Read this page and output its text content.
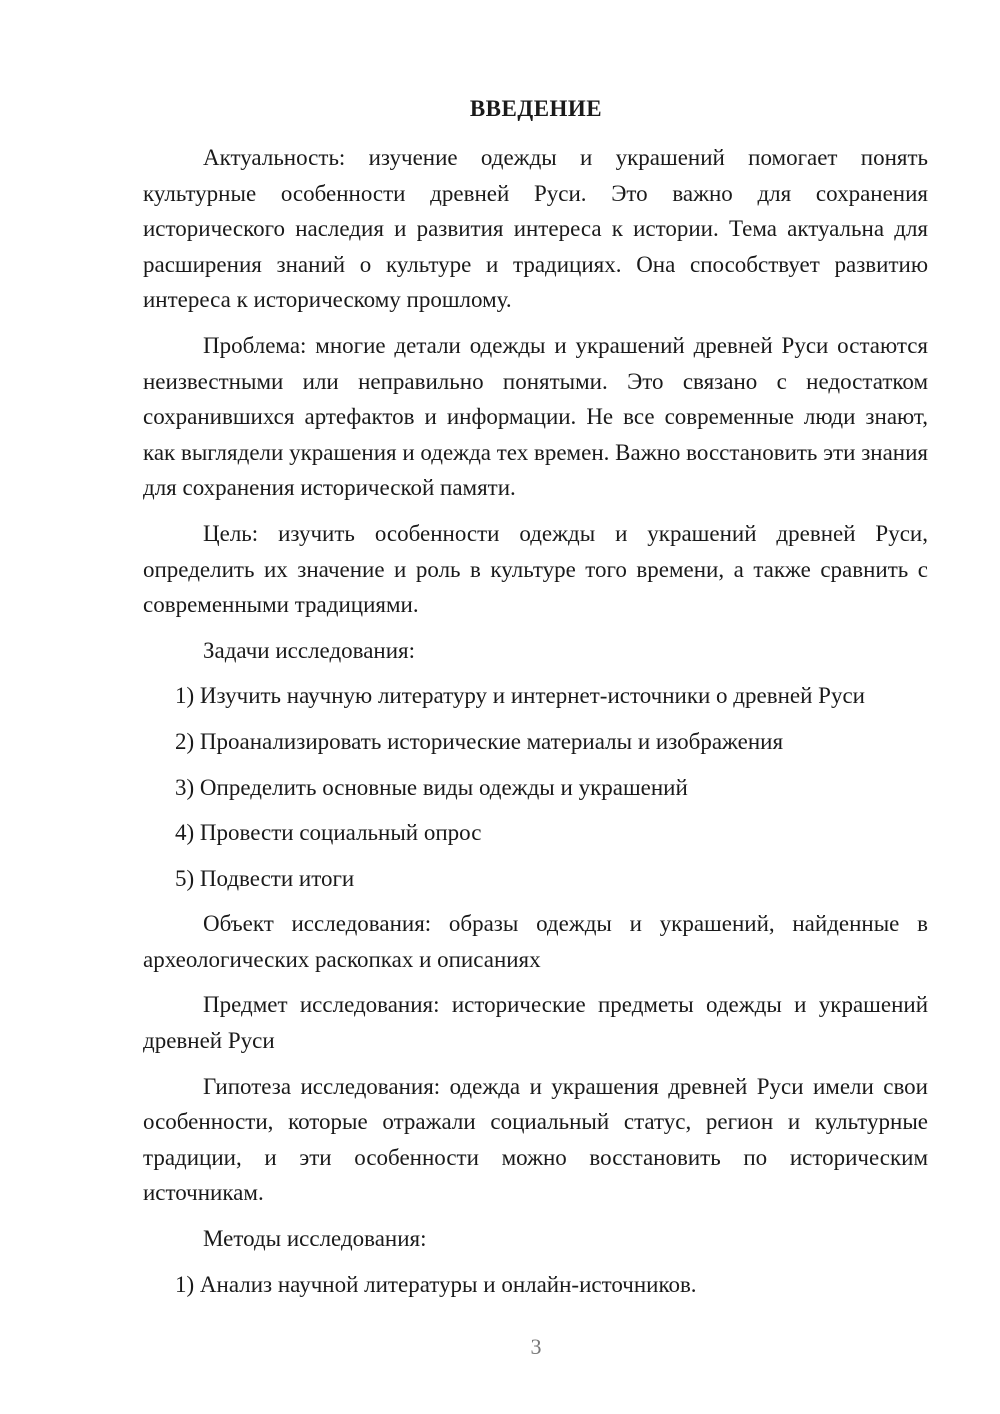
ВВЕДЕНИЕ

Актуальность: изучение одежды и украшений помогает понять культурные особенности древней Руси. Это важно для сохранения исторического наследия и развития интереса к истории. Тема актуальна для расширения знаний о культуре и традициях. Она способствует развитию интереса к историческому прошлому.

Проблема: многие детали одежды и украшений древней Руси остаются неизвестными или неправильно понятыми. Это связано с недостатком сохранившихся артефактов и информации. Не все современные люди знают, как выглядели украшения и одежда тех времен. Важно восстановить эти знания для сохранения исторической памяти.

Цель: изучить особенности одежды и украшений древней Руси, определить их значение и роль в культуре того времени, а также сравнить с современными традициями.

Задачи исследования:

1) Изучить научную литературу и интернет-источники о древней Руси

2) Проанализировать исторические материалы и изображения

3) Определить основные виды одежды и украшений

4) Провести социальный опрос

5) Подвести итоги

Объект исследования: образы одежды и украшений, найденные в археологических раскопках и описаниях

Предмет исследования: исторические предметы одежды и украшений древней Руси

Гипотеза исследования: одежда и украшения древней Руси имели свои особенности, которые отражали социальный статус, регион и культурные традиции, и эти особенности можно восстановить по историческим источникам.

Методы исследования:

1) Анализ научной литературы и онлайн-источников.

3
